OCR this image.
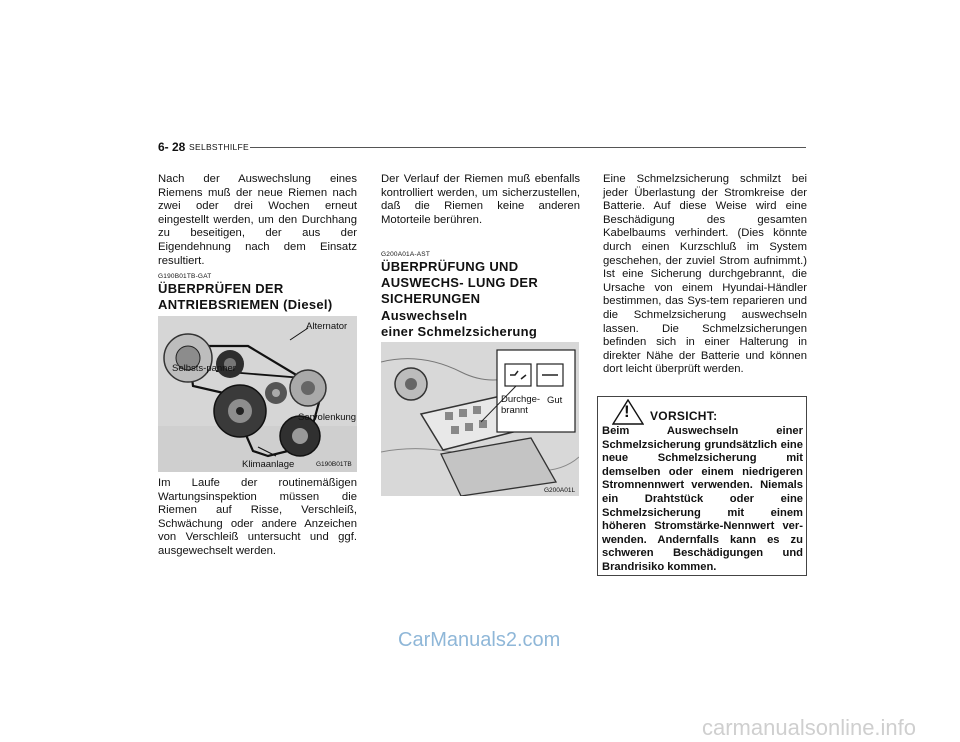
6- 28 SELBSTHILFE
Nach der Auswechslung eines Riemens muß der neue Riemen nach zwei oder drei Wochen erneut eingestellt werden, um den Durchhang zu beseitigen, der aus der Eigendehnung nach dem Einsatz resultiert.
G190B01TB-GAT
ÜBERPRÜFEN DER
ANTRIEBSRIEMEN (Diesel)
Alternator
Selbsts-panner
Servolenkung
Klimaanlage	G190B01TB
Im Laufe der routinemäßigen Wartungsinspektion müssen die Riemen auf Risse, Verschleiß, Schwächung oder andere Anzeichen von Verschleiß untersucht und ggf. ausgewechselt werden.
Der Verlauf der Riemen muß ebenfalls kontrolliert werden, um sicherzustellen, daß die Riemen keine anderen Motorteile berühren.
G200A01A-AST
ÜBERPRÜFUNG UND
AUSWECHS- LUNG DER
SICHERUNGEN
Auswechseln
einer Schmelzsicherung
Durchge-
brannt
Gut
G200A01L
Eine Schmelzsicherung schmilzt bei jeder Überlastung der Stromkreise der Batterie. Auf diese Weise wird eine Beschädigung des gesamten Kabelbaums verhindert. (Dies könnte durch einen Kurzschluß im System geschehen, der zuviel Strom aufnimmt.) Ist eine Sicherung durchgebrannt, die Ursache von einem Hyundai-Händler bestimmen, das Sys-tem reparieren und die Schmelzsicherung auswechseln lassen. Die Schmelzsicherungen befinden sich in einer Halterung in direkter Nähe der Batterie und können dort leicht überprüft werden.
! VORSICHT:
Beim Auswechseln einer Schmelzsicherung grundsätzlich eine neue Schmelzsicherung mit demselben oder einem niedrigeren Stromnennwert verwenden. Niemals ein Drahtstück oder eine Schmelzsicherung mit einem höheren Stromstärke-Nennwert ver-wenden. Andernfalls kann es zu schweren Beschädigungen und Brandrisiko kommen.
CarManuals2.com
carmanualsonline.info
